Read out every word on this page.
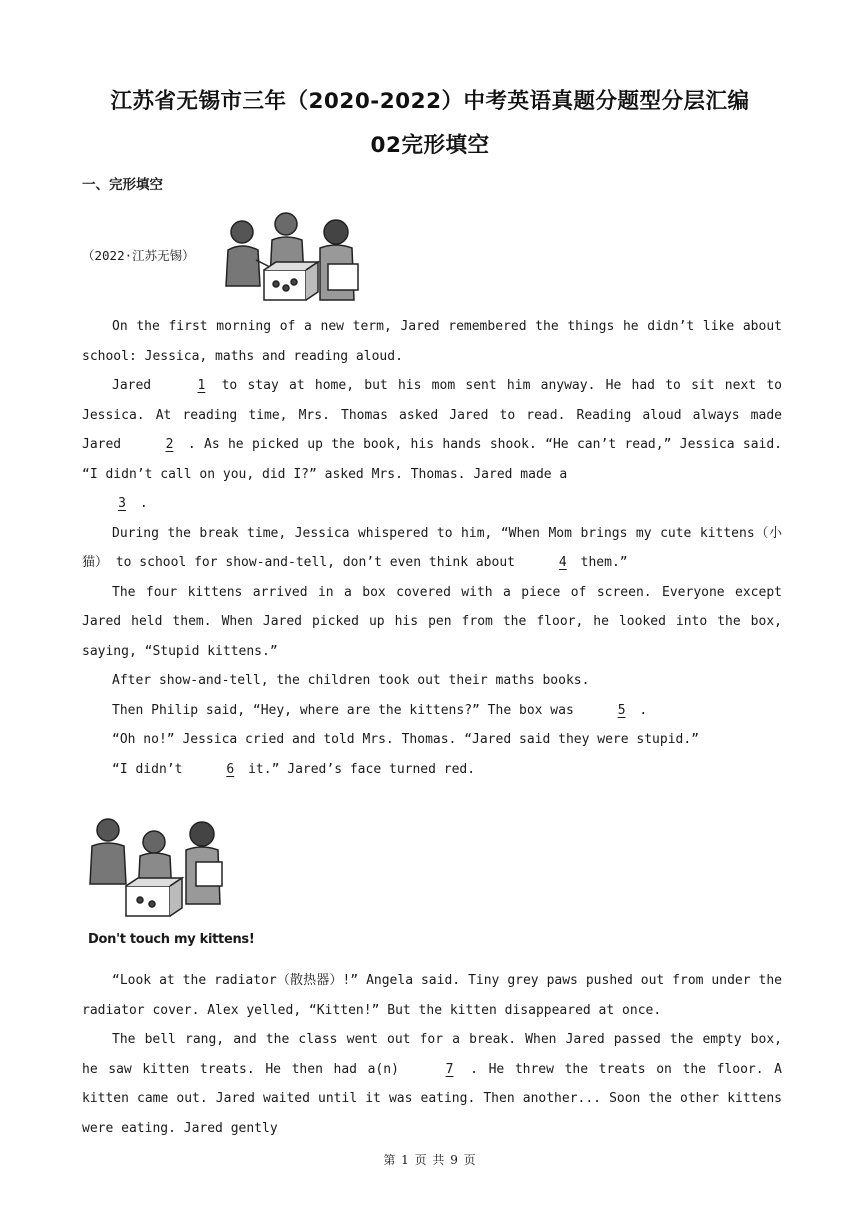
江苏省无锡市三年（2020-2022）中考英语真题分题型分层汇编
02完形填空
一、完形填空
（2022·江苏无锡）

On the first morning of a new term, Jared remembered the things he didn’t like about school: Jessica, maths and reading aloud.

Jared	1 to stay at home, but his mom sent him anyway. He had to sit next to Jessica. At reading time, Mrs. Thomas asked Jared to read. Reading aloud always made Jared	2 . As he picked up the book, his hands shook. “He can’t read,” Jessica said. “I didn’t call on you, did I?” asked Mrs. Thomas. Jared made a
3 .

During the break time, Jessica whispered to him, “When Mom brings my cute kittens（小猫） to school for show-and-tell, don’t even think about	4 them.”

The four kittens arrived in a box covered with a piece of screen. Everyone except Jared held them. When Jared picked up his pen from the floor, he looked into the box, saying, “Stupid kittens.”

After show-and-tell, the children took out their maths books.

Then Philip said, “Hey, where are the kittens?” The box was	5 .

“Oh no!” Jessica cried and told Mrs. Thomas. “Jared said they were stupid.”

“I didn’t	6 it.” Jared’s face turned red.

Don't touch my kittens!

“Look at the radiator（散热器）!” Angela said. Tiny grey paws pushed out from under the radiator cover. Alex yelled, “Kitten!” But the kitten disappeared at once.

The bell rang, and the class went out for a break. When Jared passed the empty box, he saw kitten treats. He then had a(n)	7 . He threw the treats on the floor. A kitten came out. Jared waited until it was eating. Then another... Soon the other kittens were eating. Jared gently

第 1 页 共 9 页
